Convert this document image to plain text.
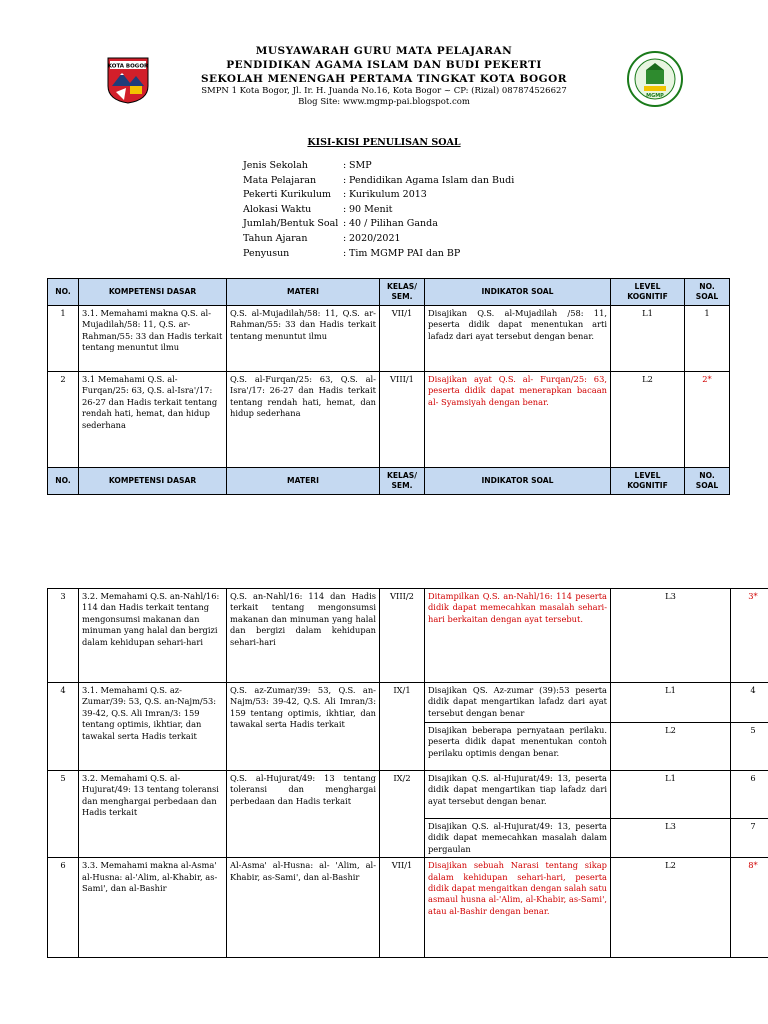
KOTA BOGOR
MGMP
MUSYAWARAH GURU MATA PELAJARAN
PENDIDIKAN AGAMA ISLAM DAN BUDI PEKERTI
SEKOLAH MENENGAH PERTAMA TINGKAT KOTA BOGOR
SMPN 1 Kota Bogor, Jl. Ir. H. Juanda No.16, Kota Bogor ~ CP: (Rizal) 087874526627
Blog Site: www.mgmp-pai.blogspot.com
KISI-KISI PENULISAN SOAL
Jenis Sekolah	: SMP
Mata Pelajaran	: Pendidikan Agama Islam dan Budi
Pekerti Kurikulum	: Kurikulum 2013
Alokasi Waktu	: 90 Menit
Jumlah/Bentuk Soal : 40 / Pilihan Ganda
Tahun Ajaran	: 2020/2021
Penyusun	: Tim MGMP PAI dan BP
NO.	KOMPETENSI DASAR	MATERI	KELAS/ SEM.	INDIKATOR SOAL	LEVEL KOGNITIF	NO. SOAL
1	3.1. Memahami makna Q.S. al-Mujadilah/58: 11, Q.S. ar-Rahman/55: 33 dan Hadis terkait tentang menuntut ilmu	Q.S. al-Mujadilah/58: 11, Q.S. ar-Rahman/55: 33 dan Hadis terkait tentang menuntut ilmu	VII/1	Disajikan Q.S. al-Mujadilah /58: 11, peserta didik dapat menentukan arti lafadz dari ayat tersebut dengan benar.	L1	1
2	3.1 Memahami Q.S. al-Furqan/25: 63, Q.S. al-Isra'/17: 26-27 dan Hadis terkait tentang rendah hati, hemat, dan hidup sederhana	Q.S. al-Furqan/25: 63, Q.S. al-Isra'/17: 26-27 dan Hadis terkait tentang rendah hati, hemat, dan hidup sederhana	VIII/1	Disajikan ayat Q.S. al- Furqan/25: 63, peserta didik dapat menerapkan bacaan al- Syamsiyah dengan benar.	L2	2*
NO.	KOMPETENSI DASAR	MATERI	KELAS/ SEM.	INDIKATOR SOAL	LEVEL KOGNITIF	NO. SOAL
3	3.2. Memahami Q.S. an-Nahl/16: 114 dan Hadis terkait tentang mengonsumsi makanan dan minuman yang halal dan bergizi dalam kehidupan sehari-hari	Q.S. an-Nahl/16: 114 dan Hadis terkait tentang mengonsumsi makanan dan minuman yang halal dan bergizi dalam kehidupan sehari-hari	VIII/2	Ditampilkan Q.S. an-Nahl/16: 114 peserta didik dapat memecahkan masalah sehari-hari berkaitan dengan ayat tersebut.	L3	3*
4	3.1. Memahami Q.S. az-Zumar/39: 53, Q.S. an-Najm/53: 39-42, Q.S. Ali Imran/3: 159 tentang optimis, ikhtiar, dan tawakal serta Hadis terkait	Q.S. az-Zumar/39: 53, Q.S. an-Najm/53: 39-42, Q.S. Ali Imran/3: 159 tentang optimis, ikhtiar, dan tawakal serta Hadis terkait	IX/1	Disajikan QS. Az-zumar (39):53 peserta didik dapat mengartikan lafadz dari ayat tersebut dengan benar	L1	4
				Disajikan beberapa pernyataan perilaku. peserta didik dapat menentukan contoh perilaku optimis dengan benar.	L2	5
5	3.2. Memahami Q.S. al-Hujurat/49: 13 tentang toleransi dan menghargai perbedaan dan Hadis terkait	Q.S. al-Hujurat/49: 13 tentang toleransi dan menghargai perbedaan dan Hadis terkait	IX/2	Disajikan Q.S. al-Hujurat/49: 13, peserta didik dapat mengartikan tiap lafadz dari ayat tersebut dengan benar.	L1	6
				Disajikan Q.S. al-Hujurat/49: 13, peserta didik dapat memecahkan masalah dalam pergaulan	L3	7
6	3.3. Memahami makna al-Asma' al-Husna: al-'Alim, al-Khabir, as-Sami', dan al-Bashir	Al-Asma' al-Husna: al- 'Alim, al-Khabir, as-Sami', dan al-Bashir	VII/1	Disajikan sebuah Narasi tentang sikap dalam kehidupan sehari-hari, peserta didik dapat mengaitkan dengan salah satu asmaul husna al-'Alim, al-Khabir, as-Sami', atau al-Bashir dengan benar.	L2	8*
